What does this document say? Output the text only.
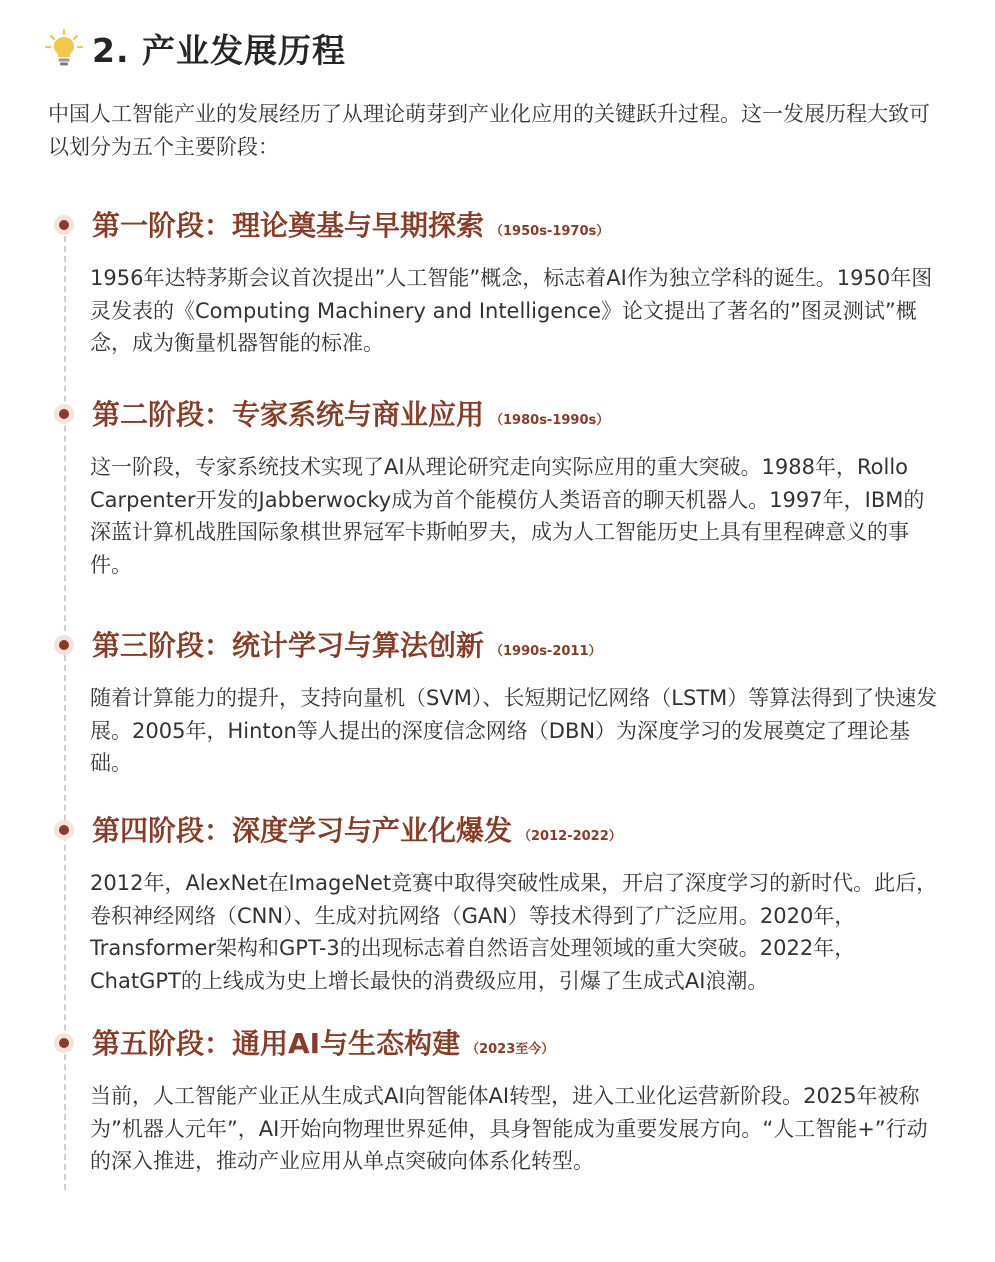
2. 产业发展历程
中国人工智能产业的发展经历了从理论萌芽到产业化应用的关键跃升过程。这一发展历程大致可以划分为五个主要阶段：
第一阶段：理论奠基与早期探索 （1950s-1970s）
1956年达特茅斯会议首次提出”人工智能”概念，标志着AI作为独立学科的诞生。1950年图灵发表的《Computing Machinery and Intelligence》论文提出了著名的”图灵测试”概念，成为衡量机器智能的标准。
第二阶段：专家系统与商业应用 （1980s-1990s）
这一阶段，专家系统技术实现了AI从理论研究走向实际应用的重大突破。1988年，Rollo Carpenter开发的Jabberwocky成为首个能模仿人类语音的聊天机器人。1997年，IBM的深蓝计算机战胜国际象棋世界冠军卡斯帕罗夫，成为人工智能历史上具有里程碑意义的事件。
第三阶段：统计学习与算法创新 （1990s-2011）
随着计算能力的提升，支持向量机（SVM）、长短期记忆网络（LSTM）等算法得到了快速发展。2005年，Hinton等人提出的深度信念网络（DBN）为深度学习的发展奠定了理论基础。
第四阶段：深度学习与产业化爆发 （2012-2022）
2012年，AlexNet在ImageNet竞赛中取得突破性成果，开启了深度学习的新时代。此后，卷积神经网络（CNN）、生成对抗网络（GAN）等技术得到了广泛应用。2020年，Transformer架构和GPT-3的出现标志着自然语言处理领域的重大突破。2022年，ChatGPT的上线成为史上增长最快的消费级应用，引爆了生成式AI浪潮。
第五阶段：通用AI与生态构建 （2023至今）
当前，人工智能产业正从生成式AI向智能体AI转型，进入工业化运营新阶段。2025年被称为”机器人元年”，AI开始向物理世界延伸，具身智能成为重要发展方向。“人工智能+”行动的深入推进，推动产业应用从单点突破向体系化转型。
